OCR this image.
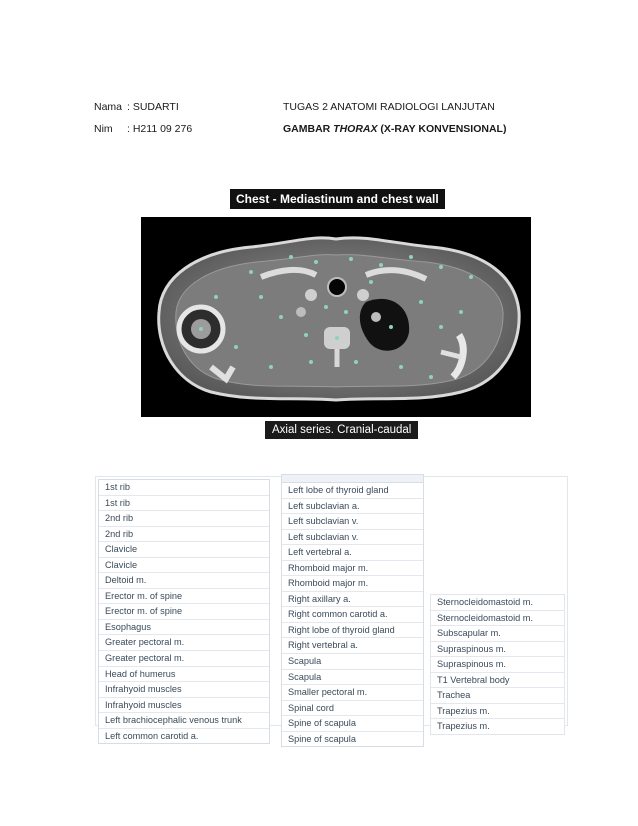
Nama : SUDARTI
Nim : H211 09 276
TUGAS 2 ANATOMI RADIOLOGI LANJUTAN
GAMBAR THORAX (X-RAY KONVENSIONAL)
Chest - Mediastinum and chest wall
Axial series. Cranial-caudal
1st rib
1st rib
2nd rib
2nd rib
Clavicle
Clavicle
Deltoid m.
Erector m. of spine
Erector m. of spine
Esophagus
Greater pectoral m.
Greater pectoral m.
Head of humerus
Infrahyoid muscles
Infrahyoid muscles
Left brachiocephalic venous trunk
Left common carotid a.
Left lobe of thyroid gland
Left subclavian a.
Left subclavian v.
Left subclavian v.
Left vertebral a.
Rhomboid major m.
Rhomboid major m.
Right axillary a.
Right common carotid a.
Right lobe of thyroid gland
Right vertebral a.
Scapula
Scapula
Smaller pectoral m.
Spinal cord
Spine of scapula
Spine of scapula
Sternocleidomastoid m.
Sternocleidomastoid m.
Subscapular m.
Supraspinous m.
Supraspinous m.
T1 Vertebral body
Trachea
Trapezius m.
Trapezius m.
